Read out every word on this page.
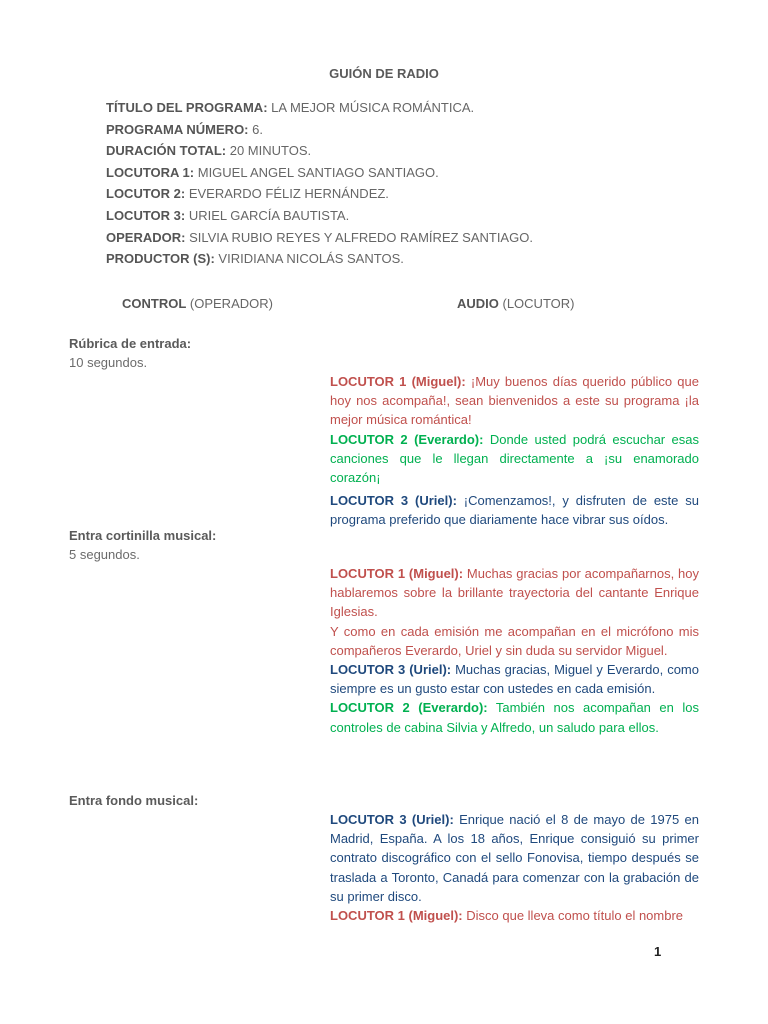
GUIÓN DE RADIO
TÍTULO DEL PROGRAMA: LA MEJOR MÚSICA ROMÁNTICA.
PROGRAMA NÚMERO: 6.
DURACIÓN TOTAL: 20 MINUTOS.
LOCUTORA 1: MIGUEL ANGEL SANTIAGO SANTIAGO.
LOCUTOR 2: EVERARDO FÉLIZ HERNÁNDEZ.
LOCUTOR 3: URIEL GARCÍA BAUTISTA.
OPERADOR: SILVIA RUBIO REYES Y ALFREDO RAMÍREZ SANTIAGO.
PRODUCTOR (S): VIRIDIANA NICOLÁS SANTOS.
CONTROL (OPERADOR)	AUDIO (LOCUTOR)
Rúbrica de entrada:
10 segundos.
Entra cortinilla musical:
5 segundos.
Entra fondo musical:

LOCUTOR 1 (Miguel): ¡Muy buenos días querido público que hoy nos acompaña!, sean bienvenidos a este su programa ¡la mejor música romántica!

LOCUTOR 2 (Everardo): Donde usted podrá escuchar esas canciones que le llegan directamente a ¡su enamorado corazón¡

LOCUTOR 3 (Uriel): ¡Comenzamos!, y disfruten de este su programa preferido que diariamente hace vibrar sus oídos.

LOCUTOR 1 (Miguel): Muchas gracias por acompañarnos, hoy hablaremos sobre la brillante trayectoria del cantante Enrique Iglesias.

Y como en cada emisión me acompañan en el micrófono mis compañeros Everardo, Uriel y sin duda su servidor Miguel.

LOCUTOR 3 (Uriel): Muchas gracias, Miguel y Everardo, como siempre es un gusto estar con ustedes en cada emisión.

LOCUTOR 2 (Everardo): También nos acompañan en los controles de cabina Silvia y Alfredo, un saludo para ellos.

LOCUTOR 3 (Uriel): Enrique nació el 8 de mayo de 1975 en Madrid, España. A los 18 años, Enrique consiguió su primer contrato discográfico con el sello Fonovisa, tiempo después se traslada a Toronto, Canadá para comenzar con la grabación de su primer disco.

LOCUTOR 1 (Miguel): Disco que lleva como título el nombre

1
